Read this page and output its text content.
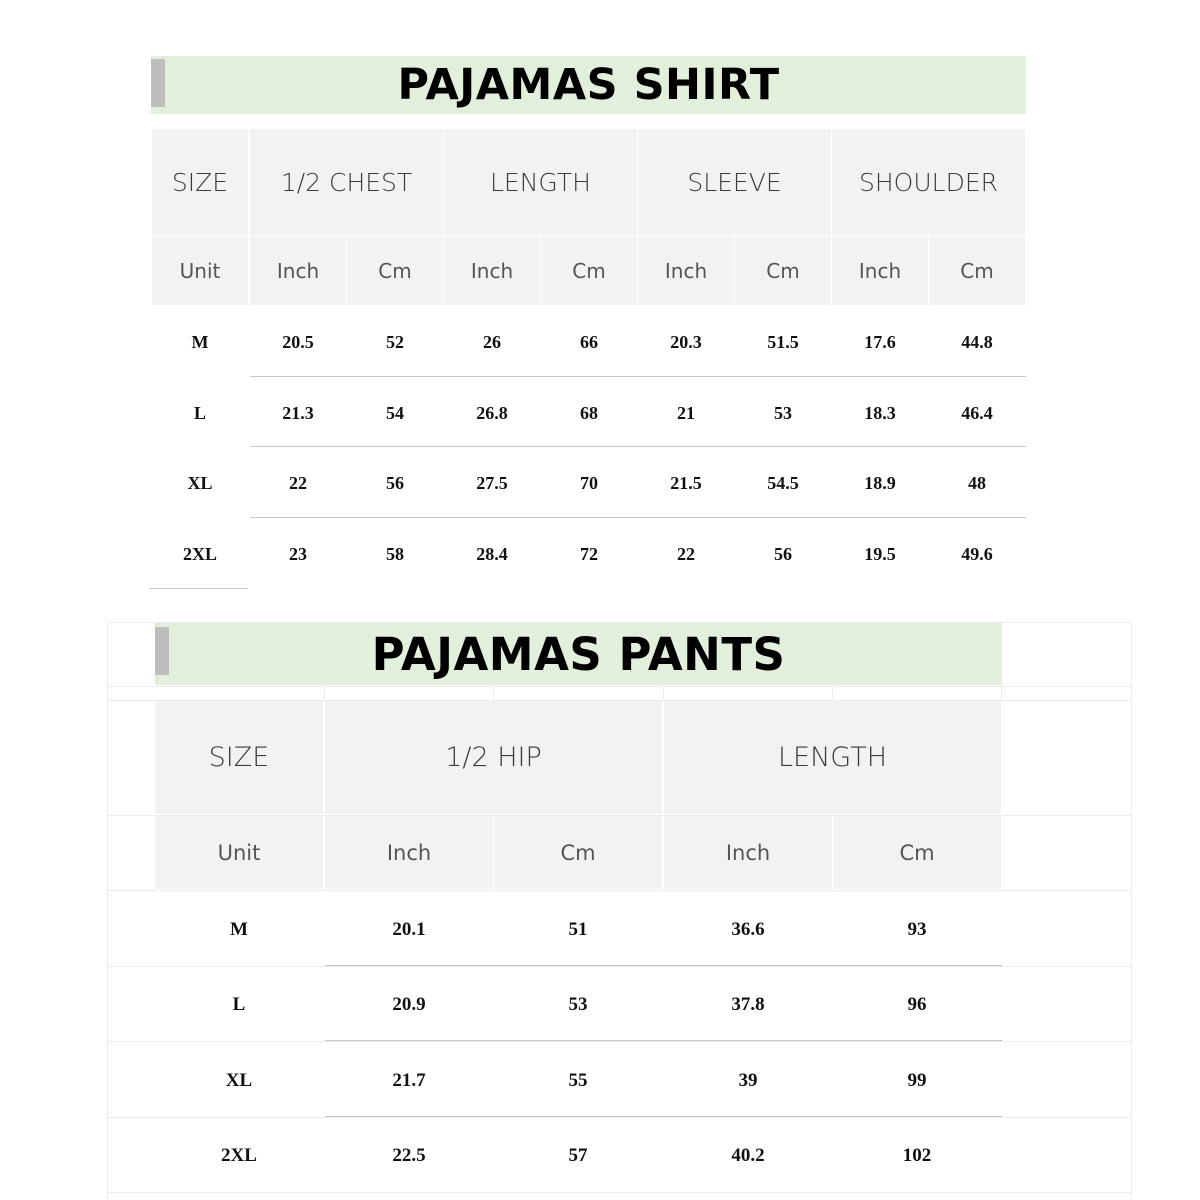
PAJAMAS SHIRT
SIZE	1/2 CHEST	LENGTH	SLEEVE	SHOULDER
Unit	Inch	Cm	Inch	Cm	Inch	Cm	Inch	Cm
M	20.5	52	26	66	20.3	51.5	17.6	44.8
L	21.3	54	26.8	68	21	53	18.3	46.4
XL	22	56	27.5	70	21.5	54.5	18.9	48
2XL	23	58	28.4	72	22	56	19.5	49.6
PAJAMAS PANTS
SIZE	1/2 HIP	LENGTH
Unit	Inch	Cm	Inch	Cm
M	20.1	51	36.6	93
L	20.9	53	37.8	96
XL	21.7	55	39	99
2XL	22.5	57	40.2	102
